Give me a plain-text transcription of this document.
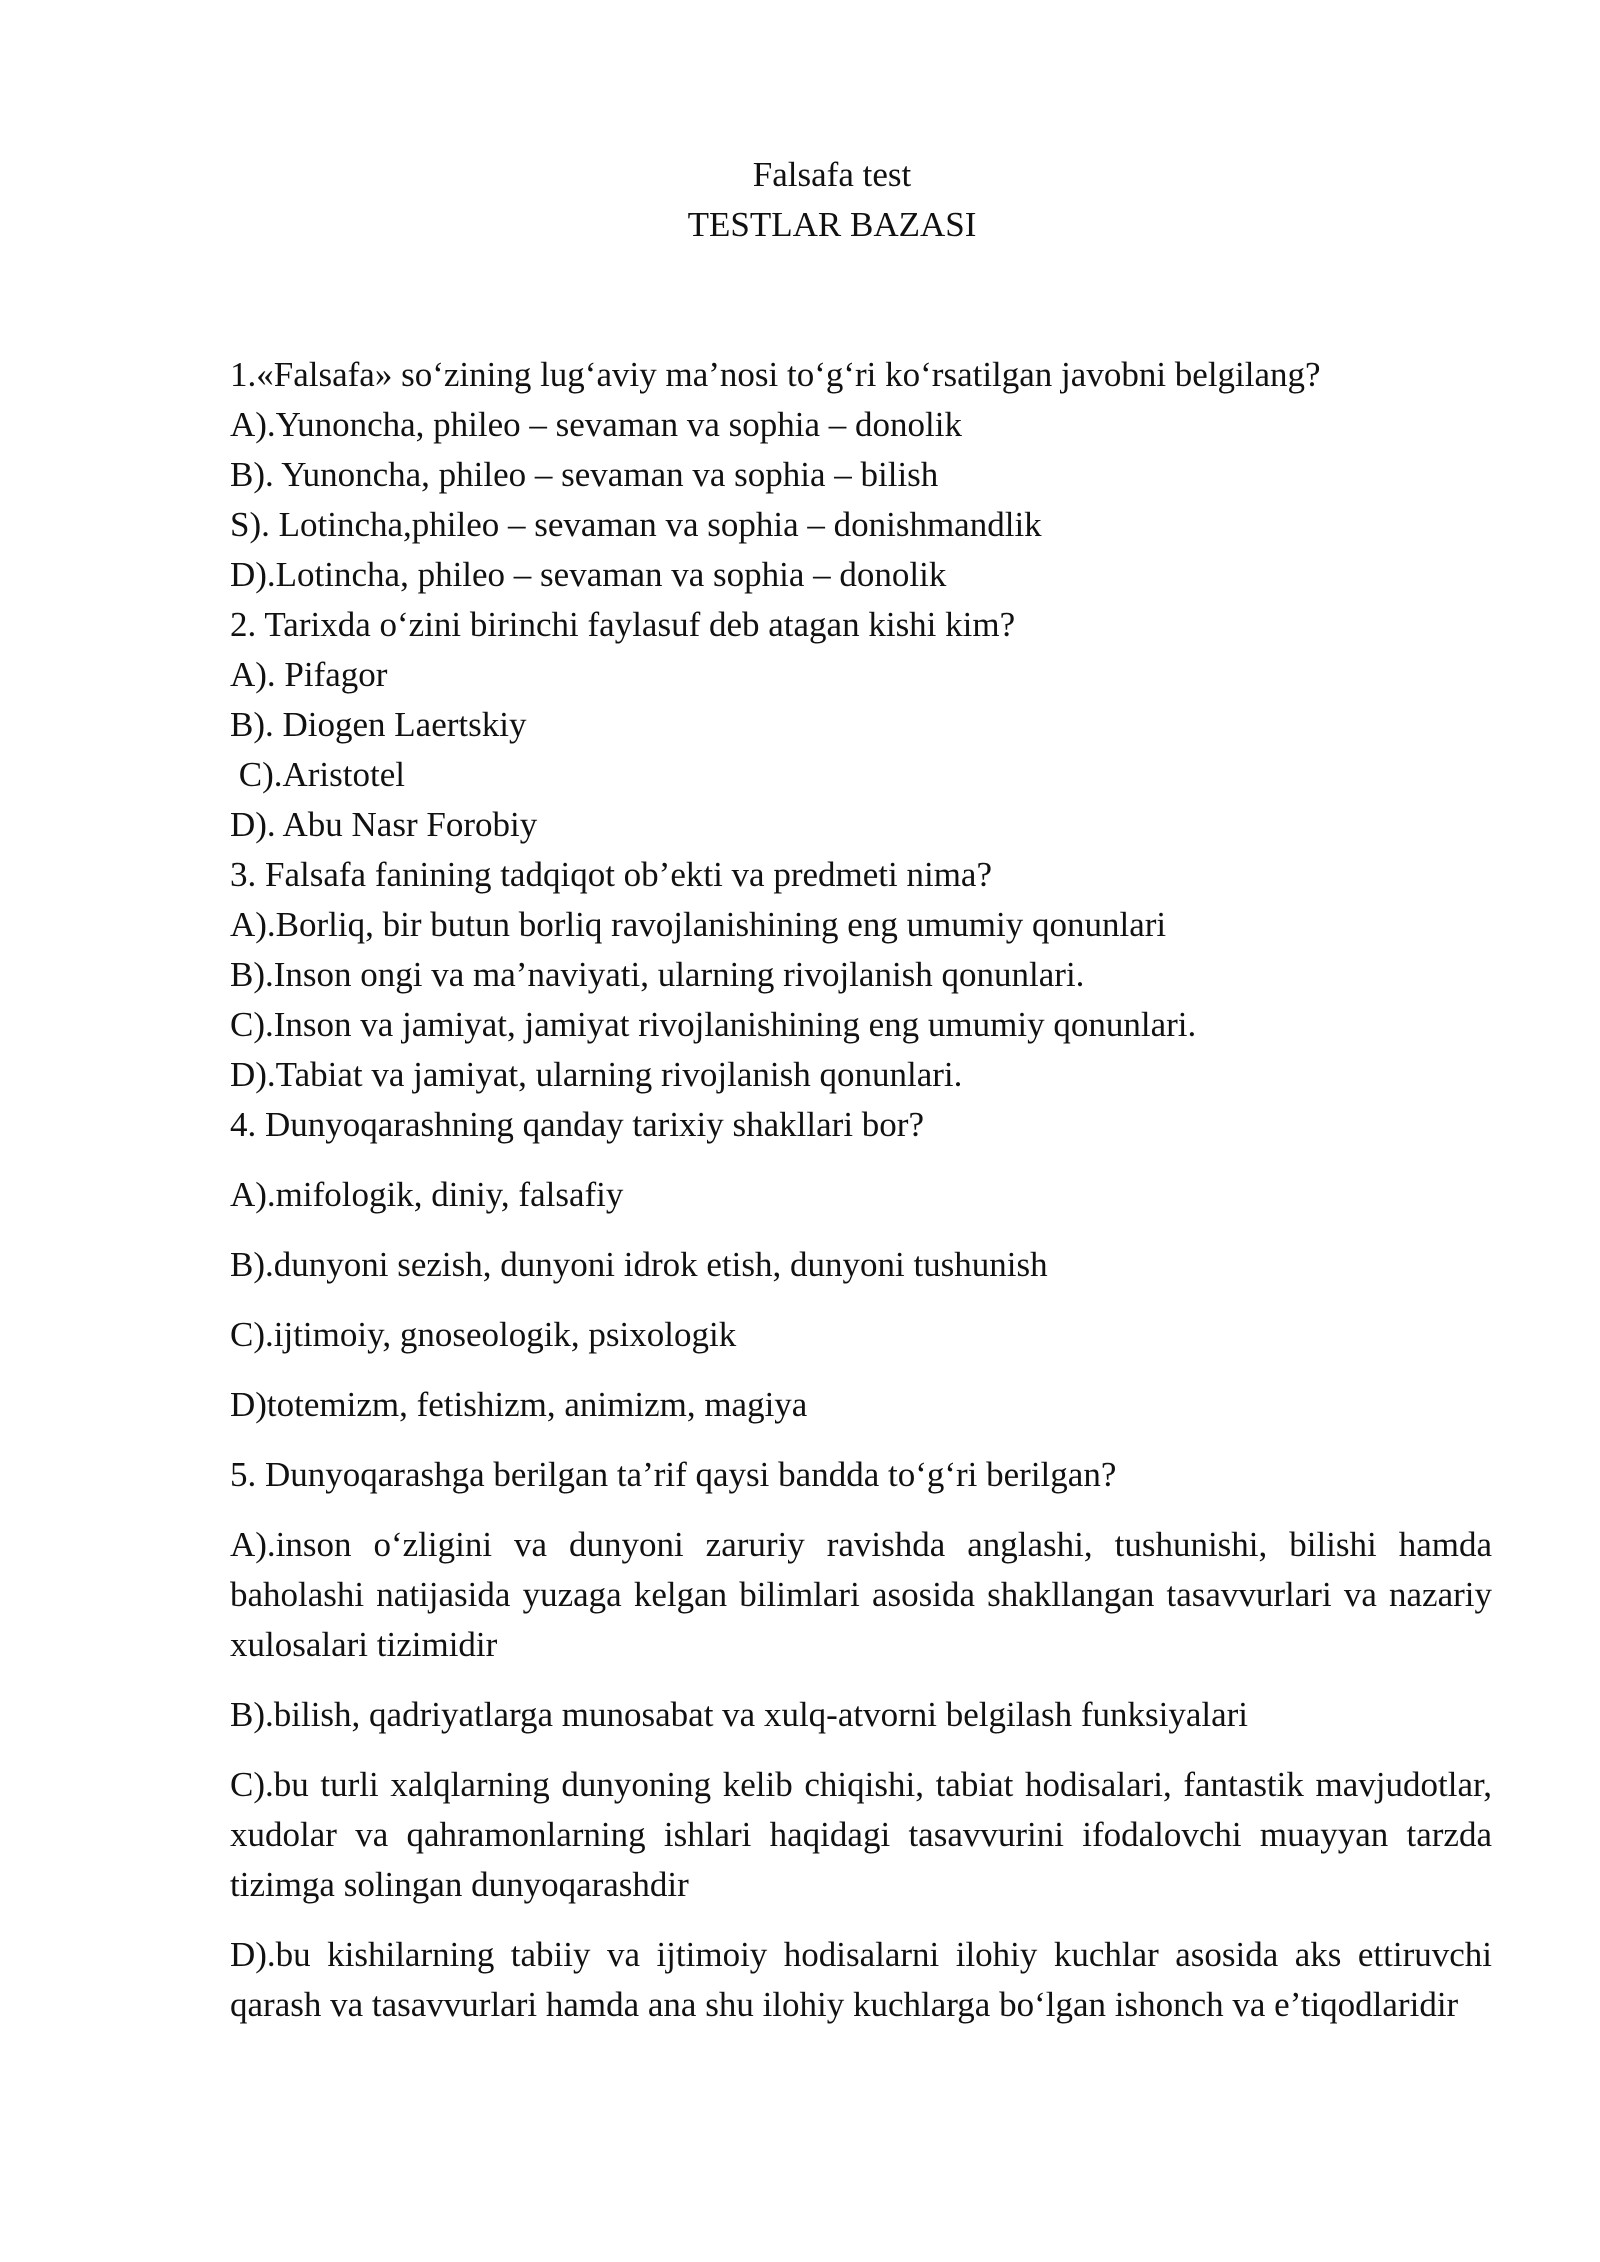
Falsafa test
TESTLAR BAZASI
1.«Falsafa» so‘zining lug‘aviy ma’nosi to‘g‘ri ko‘rsatilgan javobni belgilang?
A).Yunoncha, phileo – sevaman va sophia – donolik
B). Yunoncha, phileo – sevaman va sophia – bilish
S). Lotincha,phileo – sevaman va sophia – donishmandlik
D).Lotincha, phileo – sevaman va sophia – donolik
2. Tarixda o‘zini birinchi faylasuf deb atagan kishi kim?
A). Pifagor
B). Diogen Laertskiy
C).Aristotel
D). Abu Nasr Forobiy
3. Falsafa fanining tadqiqot ob’ekti va predmeti nima?
A).Borliq, bir butun borliq ravojlanishining eng umumiy qonunlari
B).Inson ongi va ma’naviyati, ularning rivojlanish qonunlari.
C).Inson va jamiyat, jamiyat rivojlanishining eng umumiy qonunlari.
D).Tabiat va jamiyat, ularning rivojlanish qonunlari.
4. Dunyoqarashning qanday tarixiy shakllari bor?
A).mifologik, diniy, falsafiy
B).dunyoni sezish, dunyoni idrok etish, dunyoni tushunish
C).ijtimoiy, gnoseologik, psixologik
D)totemizm, fetishizm, animizm, magiya
5. Dunyoqarashga berilgan ta’rif qaysi bandda to‘g‘ri berilgan?
A).inson o‘zligini va dunyoni zaruriy ravishda anglashi, tushunishi, bilishi hamda baholashi natijasida yuzaga kelgan bilimlari asosida shakllangan tasavvurlari va nazariy xulosalari tizimidir
B).bilish, qadriyatlarga munosabat va xulq-atvorni belgilash funksiyalari
C).bu turli xalqlarning dunyoning kelib chiqishi, tabiat hodisalari, fantastik mavjudotlar, xudolar va qahramonlarning ishlari haqidagi tasavvurini ifodalovchi muayyan tarzda tizimga solingan dunyoqarashdir
D).bu kishilarning tabiiy va ijtimoiy hodisalarni ilohiy kuchlar asosida aks ettiruvchi qarash va tasavvurlari hamda ana shu ilohiy kuchlarga bo‘lgan ishonch va e’tiqodlaridir
